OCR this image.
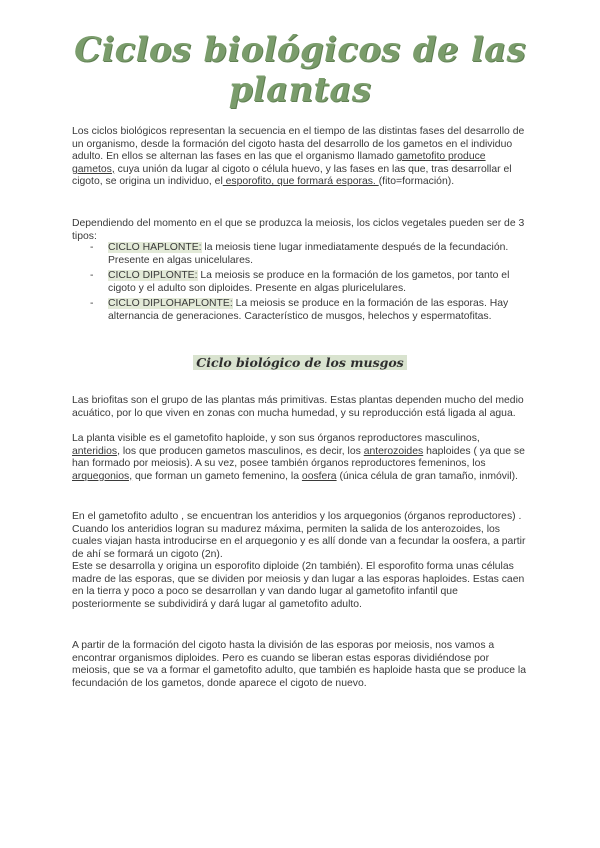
Ciclos biológicos de las plantas

Los ciclos biológicos representan la secuencia en el tiempo de las distintas fases del desarrollo de un organismo, desde la formación del cigoto hasta del desarrollo de los gametos en el individuo adulto. En ellos se alternan las fases en las que el organismo llamado gametofito produce gametos, cuya unión da lugar al cigoto o célula huevo, y las fases en las que, tras desarrollar el cigoto, se origina un individuo, el esporofito, que formará esporas. (fito=formación).

Dependiendo del momento en el que se produzca la meiosis, los ciclos vegetales pueden ser de 3 tipos:

- CICLO HAPLONTE: la meiosis tiene lugar inmediatamente después de la fecundación. Presente en algas unicelulares.
- CICLO DIPLONTE: La meiosis se produce en la formación de los gametos, por tanto el cigoto y el adulto son diploides. Presente en algas pluricelulares.
- CICLO DIPLOHAPLONTE: La meiosis se produce en la formación de las esporas. Hay alternancia de generaciones. Característico de musgos, helechos y espermatofitas.
Ciclo biológico de los musgos

Las briofitas son el grupo de las plantas más primitivas. Estas plantas dependen mucho del medio acuático, por lo que viven en zonas con mucha humedad, y su reproducción está ligada al agua.

La planta visible es el gametofito haploide, y son sus órganos reproductores masculinos, anteridios, los que producen gametos masculinos, es decir, los anterozoides haploides ( ya que se han formado por meiosis). A su vez, posee también órganos reproductores femeninos, los arquegonios, que forman un gameto femenino, la oosfera (única célula de gran tamaño, inmóvil).

En el gametofito adulto , se encuentran los anteridios y los arquegonios (órganos reproductores) . Cuando los anteridios logran su madurez máxima, permiten la salida de los anterozoides, los cuales viajan hasta introducirse en el arquegonio y es allí donde van a fecundar la oosfera, a partir de ahí se formará un cigoto (2n).

Este se desarrolla y origina un esporofito diploide (2n también). El esporofito forma unas células madre de las esporas, que se dividen por meiosis y dan lugar a las esporas haploides. Estas caen en la tierra y poco a poco se desarrollan y van dando lugar al gametofito infantil que posteriormente se subdividirá y dará lugar al gametofito adulto.

A partir de la formación del cigoto hasta la división de las esporas por meiosis, nos vamos a encontrar organismos diploides. Pero es cuando se liberan estas esporas dividiéndose por meiosis, que se va a formar el gametofito adulto, que también es haploide hasta que se produce la fecundación de los gametos, donde aparece el cigoto de nuevo.
